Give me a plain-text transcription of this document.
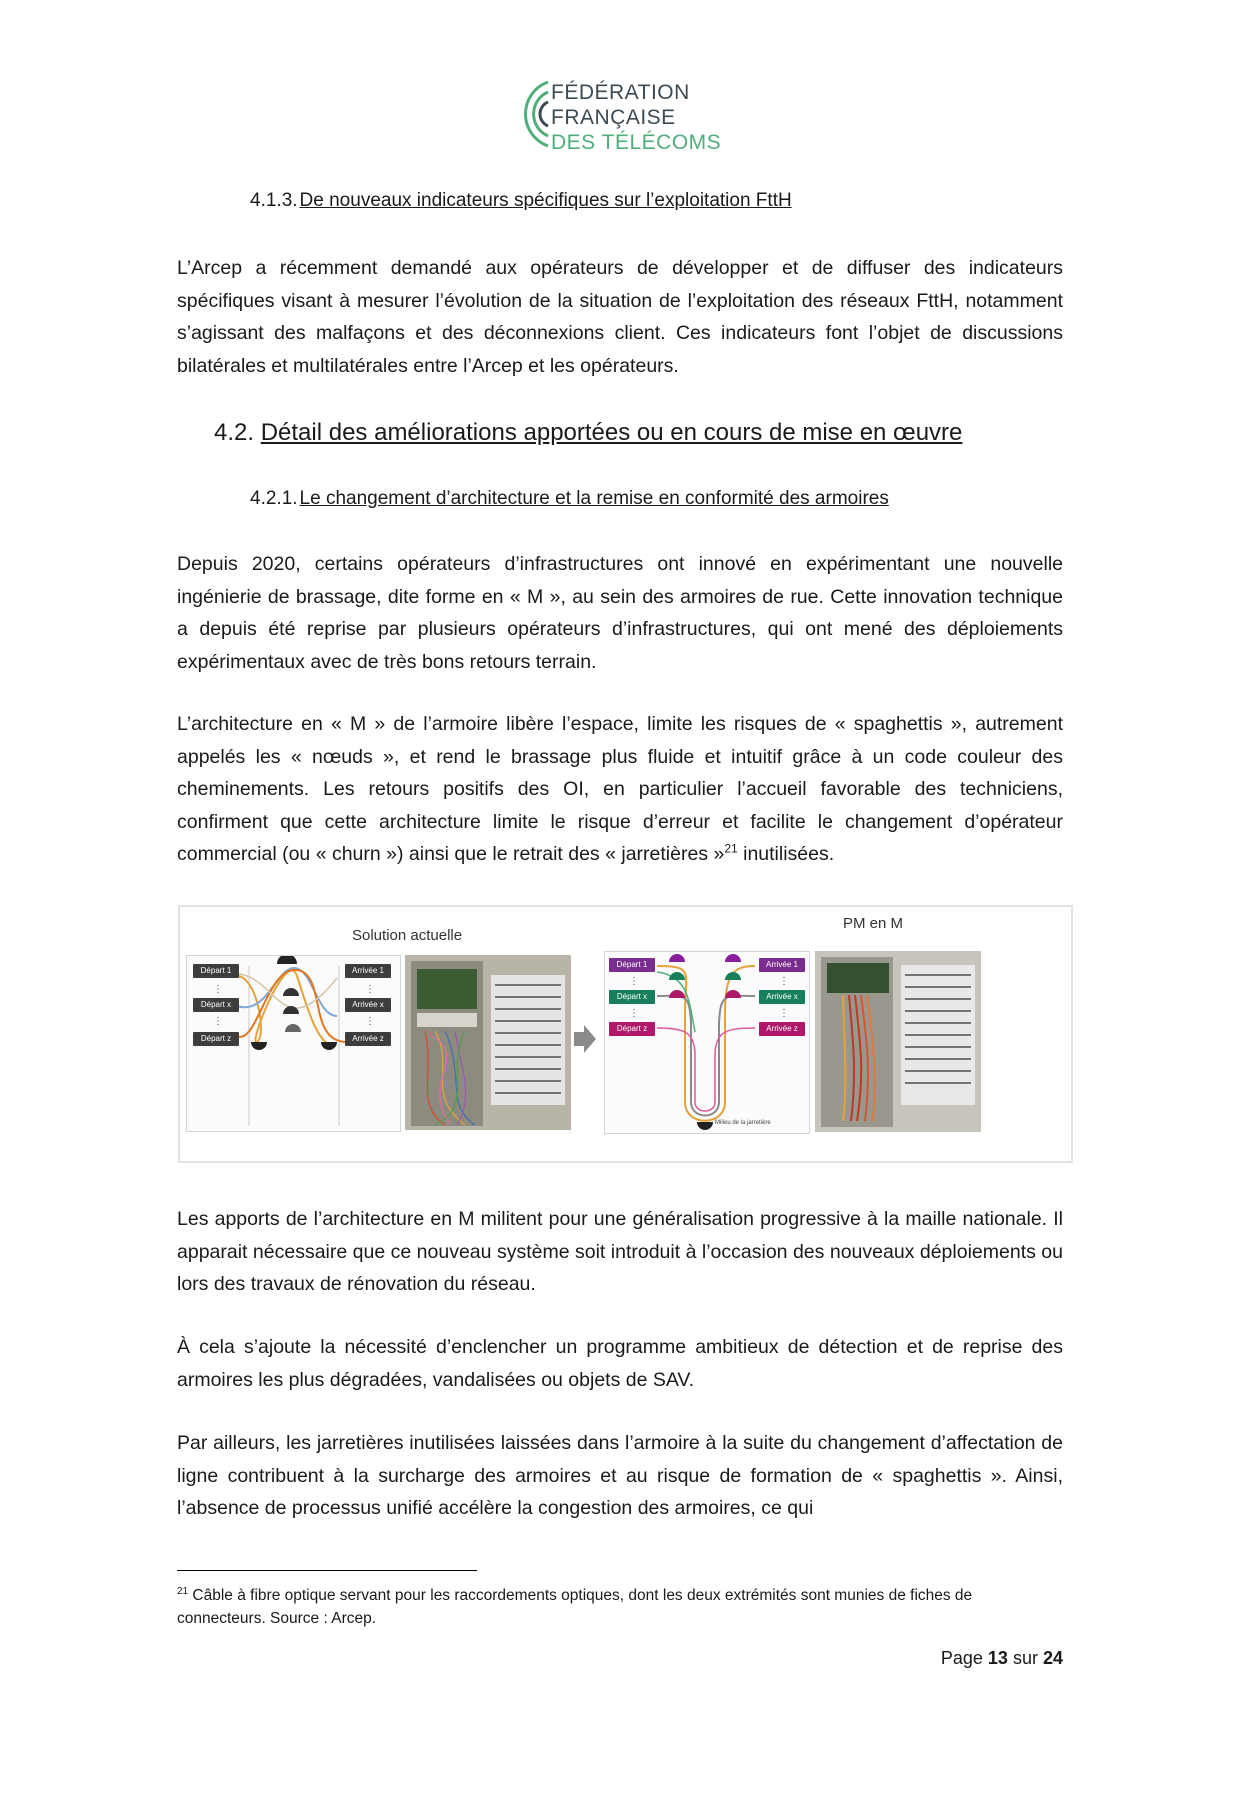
FÉDÉRATION
FRANÇAISE
DES TÉLÉCOMS
4.1.3. De nouveaux indicateurs spécifiques sur l’exploitation FttH

L’Arcep a récemment demandé aux opérateurs de développer et de diffuser des indicateurs spécifiques visant à mesurer l’évolution de la situation de l’exploitation des réseaux FttH, notamment s’agissant des malfaçons et des déconnexions client. Ces indicateurs font l’objet de discussions bilatérales et multilatérales entre l’Arcep et les opérateurs.

4.2. Détail des améliorations apportées ou en cours de mise en œuvre
4.2.1. Le changement d’architecture et la remise en conformité des armoires

Depuis 2020, certains opérateurs d’infrastructures ont innové en expérimentant une nouvelle ingénierie de brassage, dite forme en « M », au sein des armoires de rue. Cette innovation technique a depuis été reprise par plusieurs opérateurs d’infrastructures, qui ont mené des déploiements expérimentaux avec de très bons retours terrain.

L’architecture en « M » de l’armoire libère l’espace, limite les risques de « spaghettis », autrement appelés les « nœuds », et rend le brassage plus fluide et intuitif grâce à un code couleur des cheminements. Les retours positifs des OI, en particulier l’accueil favorable des techniciens, confirment que cette architecture limite le risque d’erreur et facilite le changement d’opérateur commercial (ou « churn ») ainsi que le retrait des « jarretières »$^{21}$ inutilisées.

Solution actuelle
PM en M
Départ 1
⋮
Départ x
⋮
Départ z
Arrivée 1
⋮
Arrivée x
⋮
Arrivée z
Départ 1
⋮
Départ x
⋮
Départ z
Arrivée 1
⋮
Arrivée x
⋮
Arrivée z
Milieu de la jarretière

Les apports de l’architecture en M militent pour une généralisation progressive à la maille nationale. Il apparait nécessaire que ce nouveau système soit introduit à l’occasion des nouveaux déploiements ou lors des travaux de rénovation du réseau.

À cela s’ajoute la nécessité d’enclencher un programme ambitieux de détection et de reprise des armoires les plus dégradées, vandalisées ou objets de SAV.

Par ailleurs, les jarretières inutilisées laissées dans l’armoire à la suite du changement d’affectation de ligne contribuent à la surcharge des armoires et au risque de formation de « spaghettis ». Ainsi, l’absence de processus unifié accélère la congestion des armoires, ce qui

$^{21}$ Câble à fibre optique servant pour les raccordements optiques, dont les deux extrémités sont munies de fiches de connecteurs. Source : Arcep.
Page 13 sur 24
